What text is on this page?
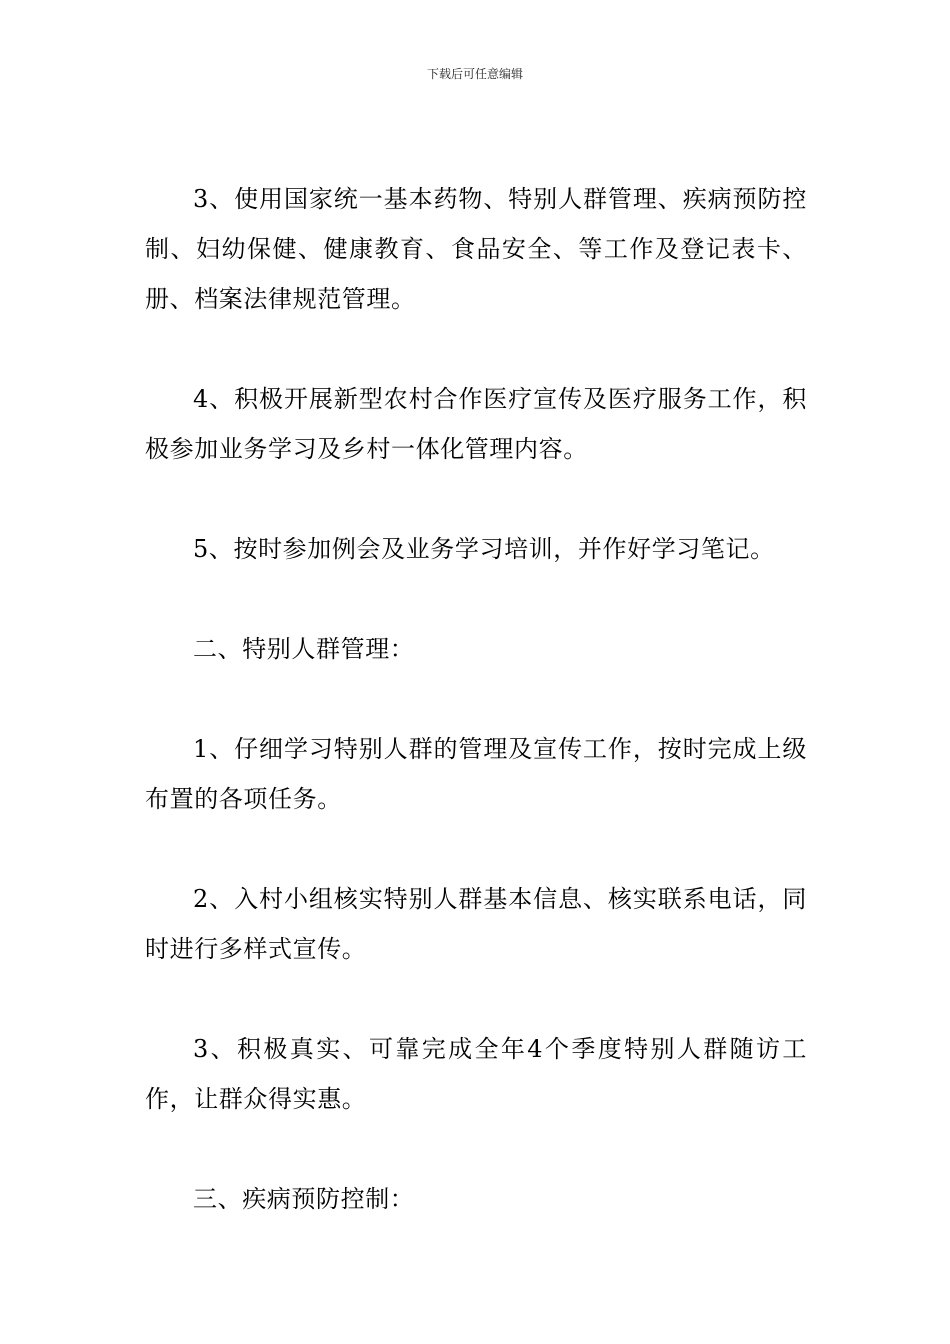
下载后可任意编辑

3、使用国家统一基本药物、特别人群管理、疾病预防控制、妇幼保健、健康教育、食品安全、等工作及登记表卡、册、档案法律规范管理。

4、积极开展新型农村合作医疗宣传及医疗服务工作，积极参加业务学习及乡村一体化管理内容。

5、按时参加例会及业务学习培训，并作好学习笔记。

二、特别人群管理：

1、仔细学习特别人群的管理及宣传工作，按时完成上级布置的各项任务。

2、入村小组核实特别人群基本信息、核实联系电话，同时进行多样式宣传。

3、积极真实、可靠完成全年4个季度特别人群随访工作，让群众得实惠。

三、疾病预防控制：
